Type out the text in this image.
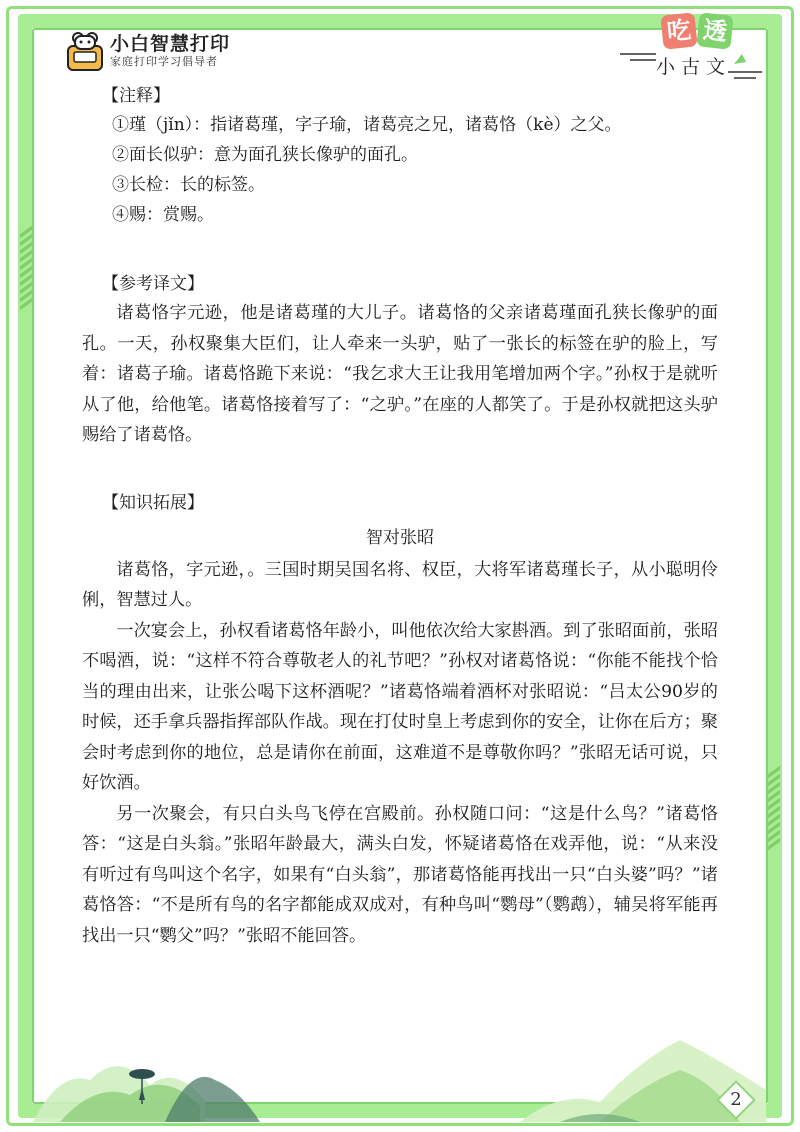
小白智慧打印
家庭打印学习倡导者
吃 透
小古文
【注释】
①瑾（jǐn）：指诸葛瑾，字子瑜，诸葛亮之兄，诸葛恪（kè）之父。
②面长似驴：意为面孔狭长像驴的面孔。
③长检：长的标签。
④赐：赏赐。
【参考译文】

诸葛恪字元逊，他是诸葛瑾的大儿子。诸葛恪的父亲诸葛瑾面孔狭长像驴的面孔。一天，孙权聚集大臣们，让人牵来一头驴，贴了一张长的标签在驴的脸上，写着：诸葛子瑜。诸葛恪跪下来说：“我乞求大王让我用笔增加两个字。”孙权于是就听从了他，给他笔。诸葛恪接着写了：“之驴。”在座的人都笑了。于是孙权就把这头驴赐给了诸葛恪。

【知识拓展】
智对张昭

诸葛恪，字元逊，。三国时期吴国名将、权臣，大将军诸葛瑾长子，从小聪明伶俐，智慧过人。

一次宴会上，孙权看诸葛恪年龄小，叫他依次给大家斟酒。到了张昭面前，张昭不喝酒，说：“这样不符合尊敬老人的礼节吧？”孙权对诸葛恪说：“你能不能找个恰当的理由出来，让张公喝下这杯酒呢？”诸葛恪端着酒杯对张昭说：“吕太公90岁的时候，还手拿兵器指挥部队作战。现在打仗时皇上考虑到你的安全，让你在后方；聚会时考虑到你的地位，总是请你在前面，这难道不是尊敬你吗？”张昭无话可说，只好饮酒。

另一次聚会，有只白头鸟飞停在宫殿前。孙权随口问：“这是什么鸟？”诸葛恪答：“这是白头翁。”张昭年龄最大，满头白发，怀疑诸葛恪在戏弄他，说：“从来没有听过有鸟叫这个名字，如果有“白头翁”，那诸葛恪能再找出一只“白头婆”吗？”诸葛恪答：“不是所有鸟的名字都能成双成对，有种鸟叫“鹦母”（鹦鹉），辅吴将军能再找出一只“鹦父”吗？”张昭不能回答。

2
